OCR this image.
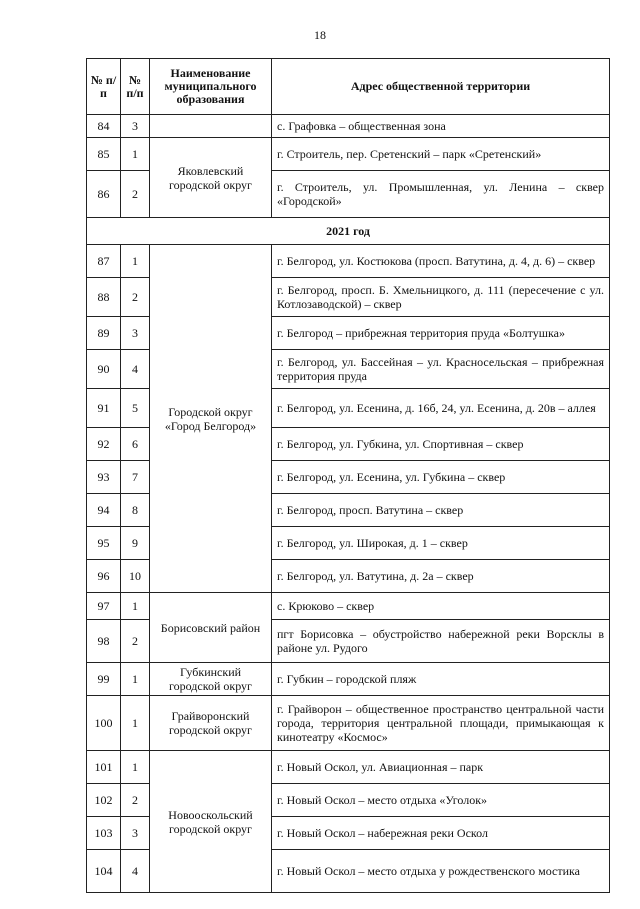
18
№ п/п	№ п/п	Наименование муниципального образования	Адрес общественной территории
84	3		с. Графовка – общественная зона
85	1	Яковлевский городской округ	г. Строитель, пер. Сретенский – парк «Сретенский»
86	2		г. Строитель, ул. Промышленная, ул. Ленина – сквер «Городской»
2021 год			
87	1	Городской округ «Город Белгород»	г. Белгород, ул. Костюкова (просп. Ватутина, д. 4, д. 6) – сквер
88	2		г. Белгород, просп. Б. Хмельницкого, д. 111 (пересечение с ул. Котлозаводской) – сквер
89	3		г. Белгород – прибрежная территория пруда «Болтушка»
90	4		г. Белгород, ул. Бассейная – ул. Красносельская – прибрежная территория пруда
91	5		г. Белгород, ул. Есенина, д. 16б, 24, ул. Есенина, д. 20в – аллея
92	6		г. Белгород, ул. Губкина, ул. Спортивная – сквер
93	7		г. Белгород, ул. Есенина, ул. Губкина – сквер
94	8		г. Белгород, просп. Ватутина – сквер
95	9		г. Белгород, ул. Широкая, д. 1 – сквер
96	10		г. Белгород, ул. Ватутина, д. 2а – сквер
97	1	Борисовский район	с. Крюково – сквер
98	2		пгт Борисовка – обустройство набережной реки Ворсклы в районе ул. Рудого
99	1	Губкинский городской округ	г. Губкин – городской пляж
100	1	Грайворонский городской округ	г. Грайворон – общественное пространство центральной части города, территория центральной площади, примыкающая к кинотеатру «Космос»
101	1	Новооскольский городской округ	г. Новый Оскол, ул. Авиационная – парк
102	2		г. Новый Оскол – место отдыха «Уголок»
103	3		г. Новый Оскол – набережная реки Оскол
104	4		г. Новый Оскол – место отдыха у рождественского мостика
